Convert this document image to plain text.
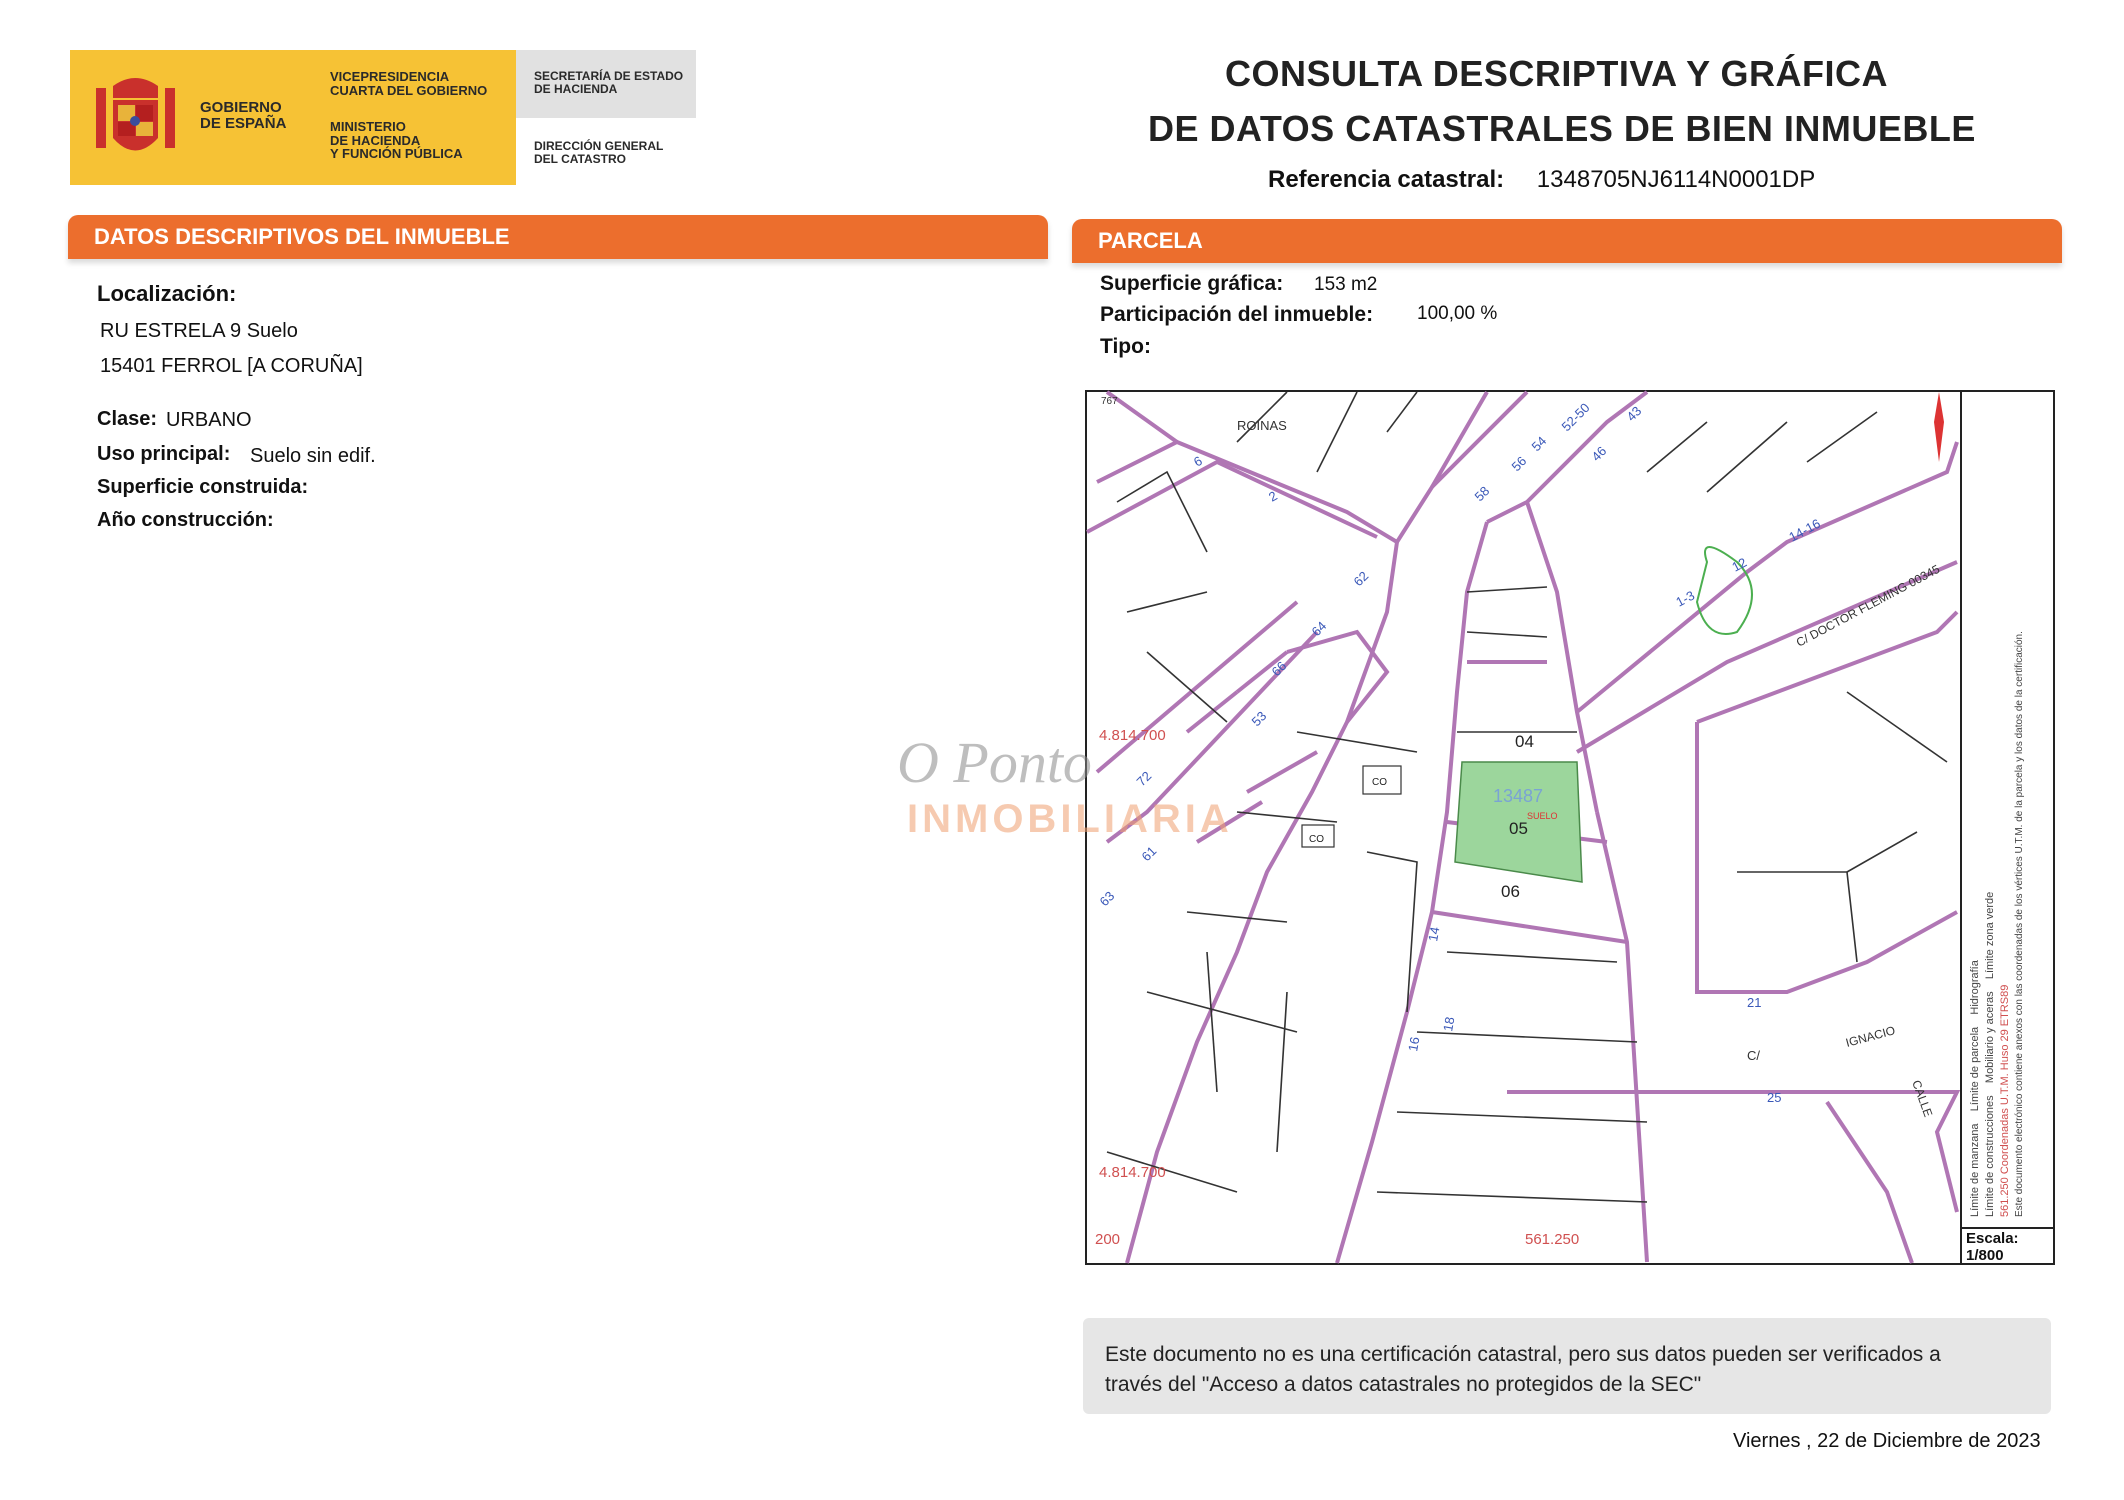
GOBIERNO
DE ESPAÑA
VICEPRESIDENCIA
CUARTA DEL GOBIERNO
MINISTERIO
DE HACIENDA
Y FUNCIÓN PÚBLICA
SECRETARÍA DE ESTADO
DE HACIENDA
DIRECCIÓN GENERAL
DEL CATASTRO
CONSULTA DESCRIPTIVA Y GRÁFICA
DE DATOS CATASTRALES DE BIEN INMUEBLE
Referencia catastral: 1348705NJ6114N0001DP
DATOS DESCRIPTIVOS DEL INMUEBLE	PARCELA
Localización:
RU ESTRELA 9 Suelo
15401 FERROL [A CORUÑA]
Clase: URBANO
Uso principal: Suelo sin edif.
Superficie construida:
Año construcción:
Superficie gráfica: 153 m2
Participación del inmueble: 100,00 %
Tipo:
ROINAS
C/ DOCTOR FLEMING 00345
IGNACIO
C/
CALLE
767
4.814.700
4.814.700
200	561.250
04
05
06
13487
SUELO
CO
CO
6
2	58
56
54
52-50 43
46
62
64
66
53
72
61
63
14
16
18
1-3
12
14-16
21
25
O Ponto
INMOBILIARIA
Límite de manzana    Límite de parcela    Hidrografía
Límite de construcciones    Mobiliario y aceras    Límite zona verde
561.250 Coordenadas U.T.M. Huso 29 ETRS89 Este documento electrónico contiene anexos con las coordenadas de los vértices U.T.M. de la parcela y los datos de la certificación.
Escala:
1/800
Este documento no es una certificación catastral, pero sus datos pueden ser verificados a
través del "Acceso a datos catastrales no protegidos de la SEC"
Viernes , 22 de Diciembre de 2023
